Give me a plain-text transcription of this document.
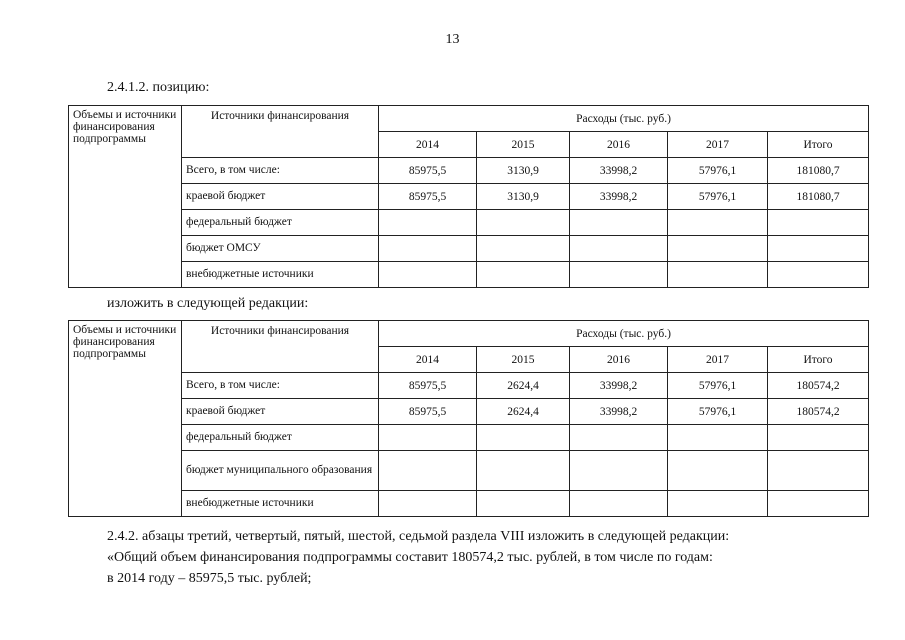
13
2.4.1.2. позицию:
Объемы и источники финансирования подпрограммы	Источники финансирования	Расходы (тыс. руб.)				
		2014	2015	2016	2017	Итого
	Всего, в том числе:	85975,5	3130,9	33998,2	57976,1	181080,7
	краевой бюджет	85975,5	3130,9	33998,2	57976,1	181080,7
	федеральный бюджет					
	бюджет ОМСУ					
	внебюджетные источники					
изложить в следующей редакции:
Объемы и источники финансирования подпрограммы	Источники финансирования	Расходы (тыс. руб.)				
		2014	2015	2016	2017	Итого
	Всего, в том числе:	85975,5	2624,4	33998,2	57976,1	180574,2
	краевой бюджет	85975,5	2624,4	33998,2	57976,1	180574,2
	федеральный бюджет					
	бюджет муниципального образования					
	внебюджетные источники					
2.4.2. абзацы третий, четвертый, пятый, шестой, седьмой раздела VIII изложить в следующей редакции:
«Общий объем финансирования подпрограммы составит 180574,2 тыс. рублей, в том числе по годам:
в 2014 году – 85975,5 тыс. рублей;
